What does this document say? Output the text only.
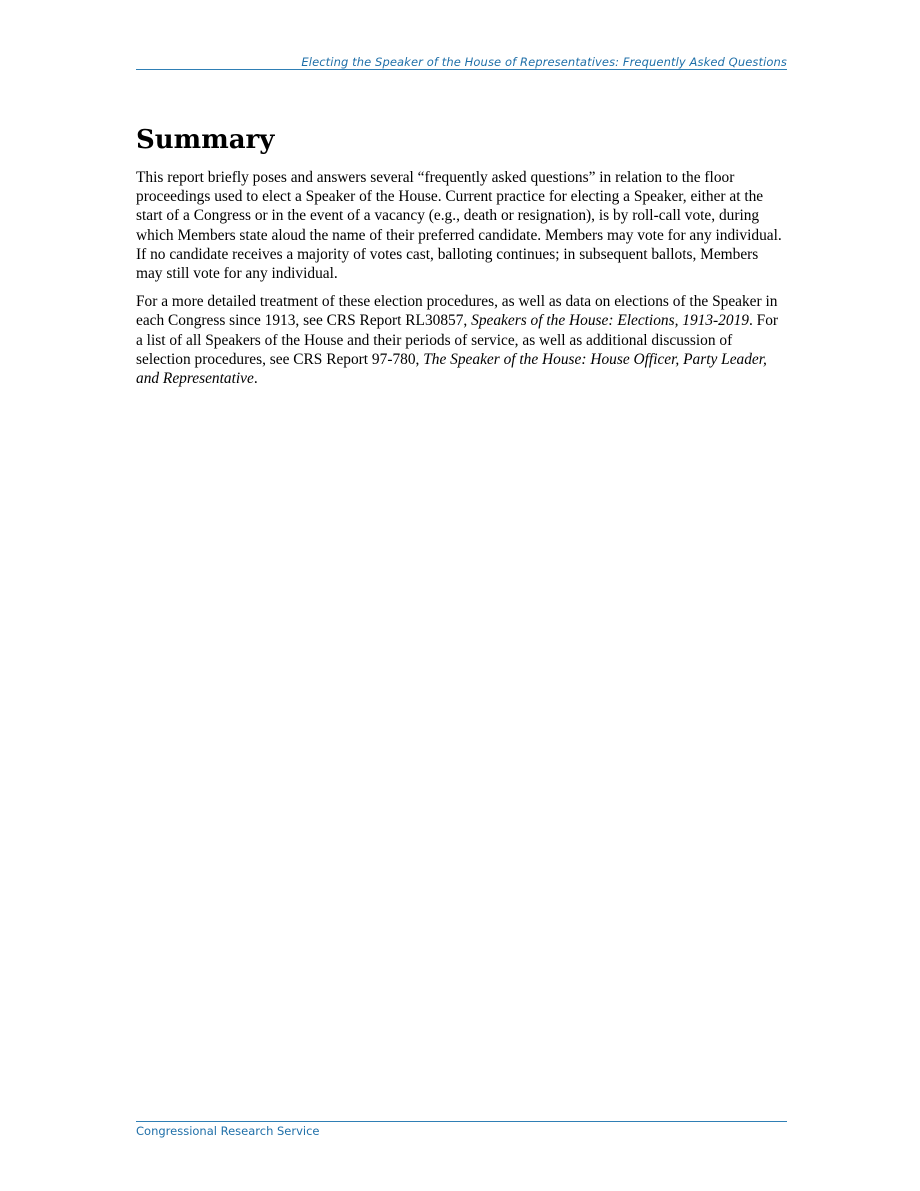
Electing the Speaker of the House of Representatives: Frequently Asked Questions
Summary

This report briefly poses and answers several “frequently asked questions” in relation to the floor proceedings used to elect a Speaker of the House. Current practice for electing a Speaker, either at the start of a Congress or in the event of a vacancy (e.g., death or resignation), is by roll-call vote, during which Members state aloud the name of their preferred candidate. Members may vote for any individual. If no candidate receives a majority of votes cast, balloting continues; in subsequent ballots, Members may still vote for any individual.

For a more detailed treatment of these election procedures, as well as data on elections of the Speaker in each Congress since 1913, see CRS Report RL30857, Speakers of the House: Elections, 1913-2019. For a list of all Speakers of the House and their periods of service, as well as additional discussion of selection procedures, see CRS Report 97-780, The Speaker of the House: House Officer, Party Leader, and Representative.

Congressional Research Service
